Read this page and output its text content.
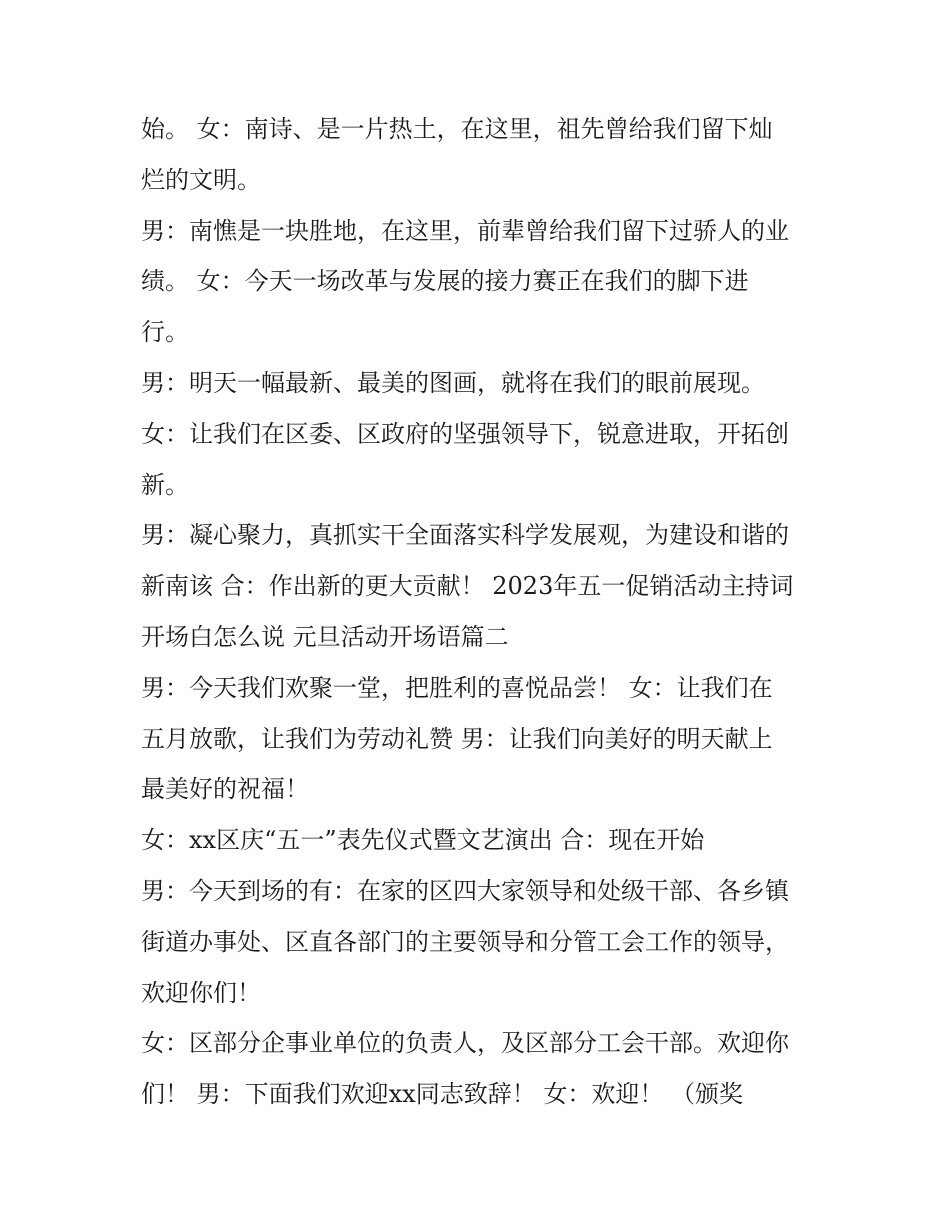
始。 女：南诗、是一片热土，在这里，祖先曾给我们留下灿
烂的文明。
男：南憔是一块胜地，在这里，前辈曾给我们留下过骄人的业
绩。 女：今天一场改革与发展的接力赛正在我们的脚下进
行。
男：明天一幅最新、最美的图画，就将在我们的眼前展现。
女：让我们在区委、区政府的坚强领导下，锐意进取，开拓创
新。
男：凝心聚力，真抓实干全面落实科学发展观，为建设和谐的
新南该 合：作出新的更大贡献！ 2023年五一促销活动主持词
开场白怎么说 元旦活动开场语篇二
男：今天我们欢聚一堂，把胜利的喜悦品尝！ 女：让我们在
五月放歌，让我们为劳动礼赞 男：让我们向美好的明天献上
最美好的祝福！
女：xx区庆“五一”表先仪式暨文艺演出 合：现在开始
男：今天到场的有：在家的区四大家领导和处级干部、各乡镇
街道办事处、区直各部门的主要领导和分管工会工作的领导，
欢迎你们！
女：区部分企事业单位的负责人，及区部分工会干部。欢迎你
们！ 男：下面我们欢迎xx同志致辞！ 女：欢迎！ （颁奖
